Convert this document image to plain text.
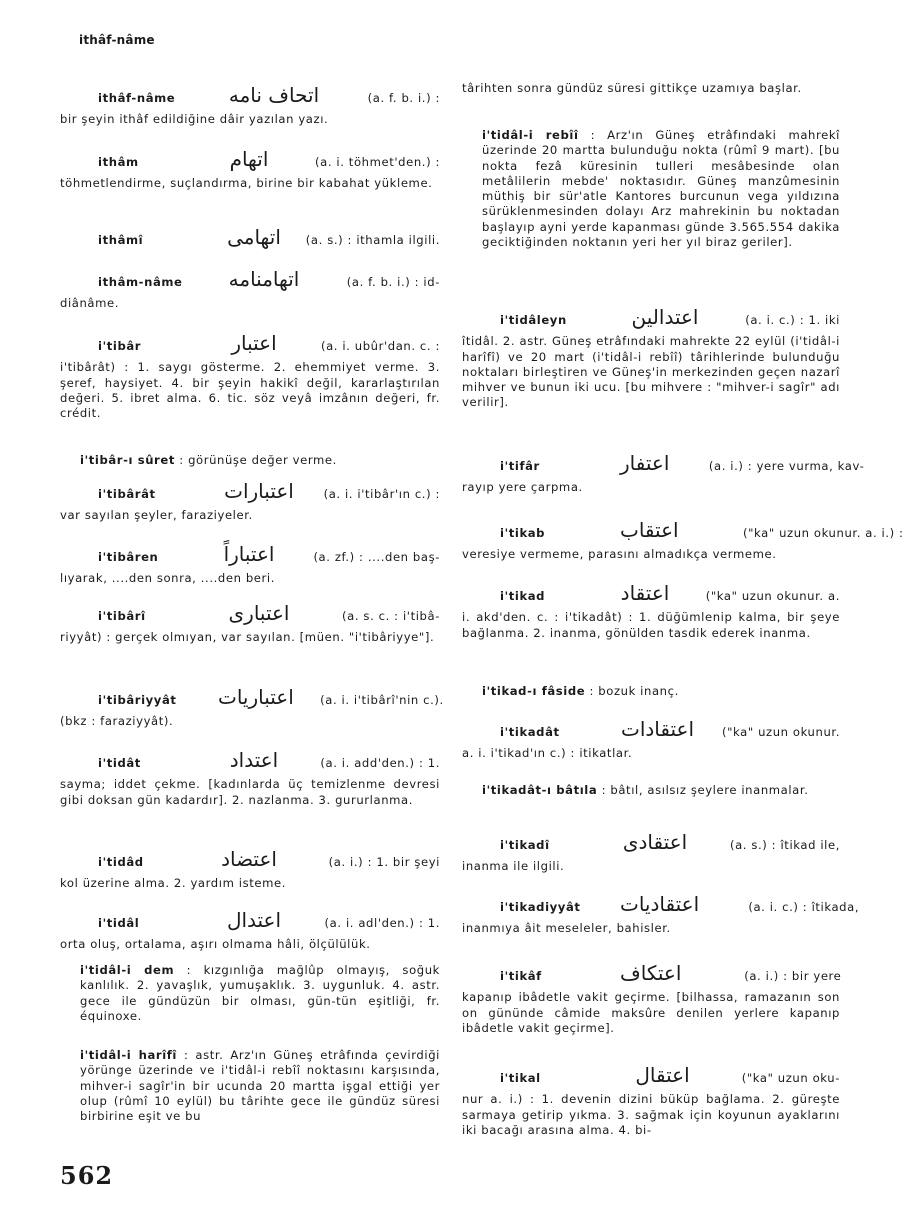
ithâf-nâme
ithâf-nâme	اتحاف نامه	(a. f. b. i.) :
bir şeyin ithâf edildiğine dâir yazılan yazı.
ithâm	اتهام	(a. i. töhmet'den.) :
töhmetlendirme, suçlandırma, birine bir kabahat yükleme.
ithâmî	اتهامى	(a. s.) : ithamla ilgili.
ithâm-nâme	اتهامنامه	(a. f. b. i.) : id-
diânâme.
i'tibâr	اعتبار	(a. i. ubûr'dan. c. :
i'tibârât) : 1. saygı gösterme. 2. ehemmiyet verme. 3. şeref, haysiyet. 4. bir şeyin hakikî değil, kararlaştırılan değeri. 5. ibret alma. 6. tic. söz veyâ imzânın değeri, fr. crédit.
i'tibâr-ı sûret : görünüşe değer verme.
i'tibârât	اعتبارات	(a. i. i'tibâr'ın c.) :
var sayılan şeyler, faraziyeler.
i'tibâren	اعتباراً	(a. zf.) : ....den baş-
lıyarak, ....den sonra, ....den beri.
i'tibârî	اعتبارى	(a. s. c. : i'tibâ-
riyyât) : gerçek olmıyan, var sayılan. [müen. "i'tibâriyye"].
i'tibâriyyât	اعتباريات	(a. i. i'tibârî'nin c.).
(bkz : faraziyyât).
i'tidât	اعتداد	(a. i. add'den.) : 1.
sayma; iddet çekme. [kadınlarda üç temizlenme devresi gibi doksan gün kadardır]. 2. nazlanma. 3. gururlanma.
i'tidâd	اعتضاد	(a. i.) : 1. bir şeyi
kol üzerine alma. 2. yardım isteme.
i'tidâl	اعتدال	(a. i. adl'den.) : 1.
orta oluş, ortalama, aşırı olmama hâli, ölçülülük.
i'tidâl-i dem : kızgınlığa mağlûp olmayış, soğuk kanlılık. 2. yavaşlık, yumuşaklık. 3. uygunluk. 4. astr. gece ile gündüzün bir olması, gün-tün eşitliği, fr. équinoxe.
i'tidâl-i harîfî : astr. Arz'ın Güneş etrâfında çevirdiği yörünge üzerinde ve i'tidâl-i rebîî noktasını karşısında, mihver-i sagîr'in bir ucunda 20 martta işgal ettiği yer olup (rûmî 10 eylül) bu târihte gece ile gündüz süresi birbirine eşit ve bu
târihten sonra gündüz süresi gittikçe uzamıya başlar.
i'tidâl-i rebîî : Arz'ın Güneş etrâfındaki mahrekî üzerinde 20 martta bulunduğu nokta (rûmî 9 mart). [bu nokta fezâ küresinin tulleri mesâbesinde olan metâlilerin mebde' noktasıdır. Güneş manzûmesinin müthiş bir sür'atle Kantores burcunun vega yıldızına sürüklenmesinden dolayı Arz mahrekinin bu noktadan başlayıp ayni yerde kapanması günde 3.565.554 dakika geciktiğinden noktanın yeri her yıl biraz geriler].
i'tidâleyn	اعتدالين	(a. i. c.) : 1. iki
îtidâl. 2. astr. Güneş etrâfındaki mahrekte 22 eylül (i'tidâl-i harîfî) ve 20 mart (i'tidâl-i rebîî) târihlerinde bulunduğu noktaları birleştiren ve Güneş'in merkezinden geçen nazarî mihver ve bunun iki ucu. [bu mihvere : "mihver-i sagîr" adı verilir].
i'tifâr	اعتفار	(a. i.) : yere vurma, kav-
rayıp yere çarpma.
i'tikab	اعتقاب	("ka" uzun okunur. a. i.) :
veresiye vermeme, parasını almadıkça vermeme.
i'tikad	اعتقاد	("ka" uzun okunur. a.
i. akd'den. c. : i'tikadât) : 1. düğümlenip kalma, bir şeye bağlanma. 2. inanma, gönülden tasdik ederek inanma.
i'tikad-ı fâside : bozuk inanç.
i'tikadât	اعتقادات	("ka" uzun okunur.
a. i. i'tikad'ın c.) : itikatlar.
i'tikadât-ı bâtıla : bâtıl, asılsız şeylere inanmalar.
i'tikadî	اعتقادى	(a. s.) : îtikad ile,
inanma ile ilgili.
i'tikadiyyât	اعتقاديات	(a. i. c.) : îtikada,
inanmıya âit meseleler, bahisler.
i'tikâf	اعتكاف	(a. i.) : bir yere
kapanıp ibâdetle vakit geçirme. [bilhassa, ramazanın son on gününde câmide maksûre denilen yerlere kapanıp ibâdetle vakit geçirme].
i'tikal	اعتقال	("ka" uzun oku-
nur a. i.) : 1. devenin dizini büküp bağlama. 2. güreşte sarmaya getirip yıkma. 3. sağmak için koyunun ayaklarını iki bacağı arasına alma. 4. bi-
562
